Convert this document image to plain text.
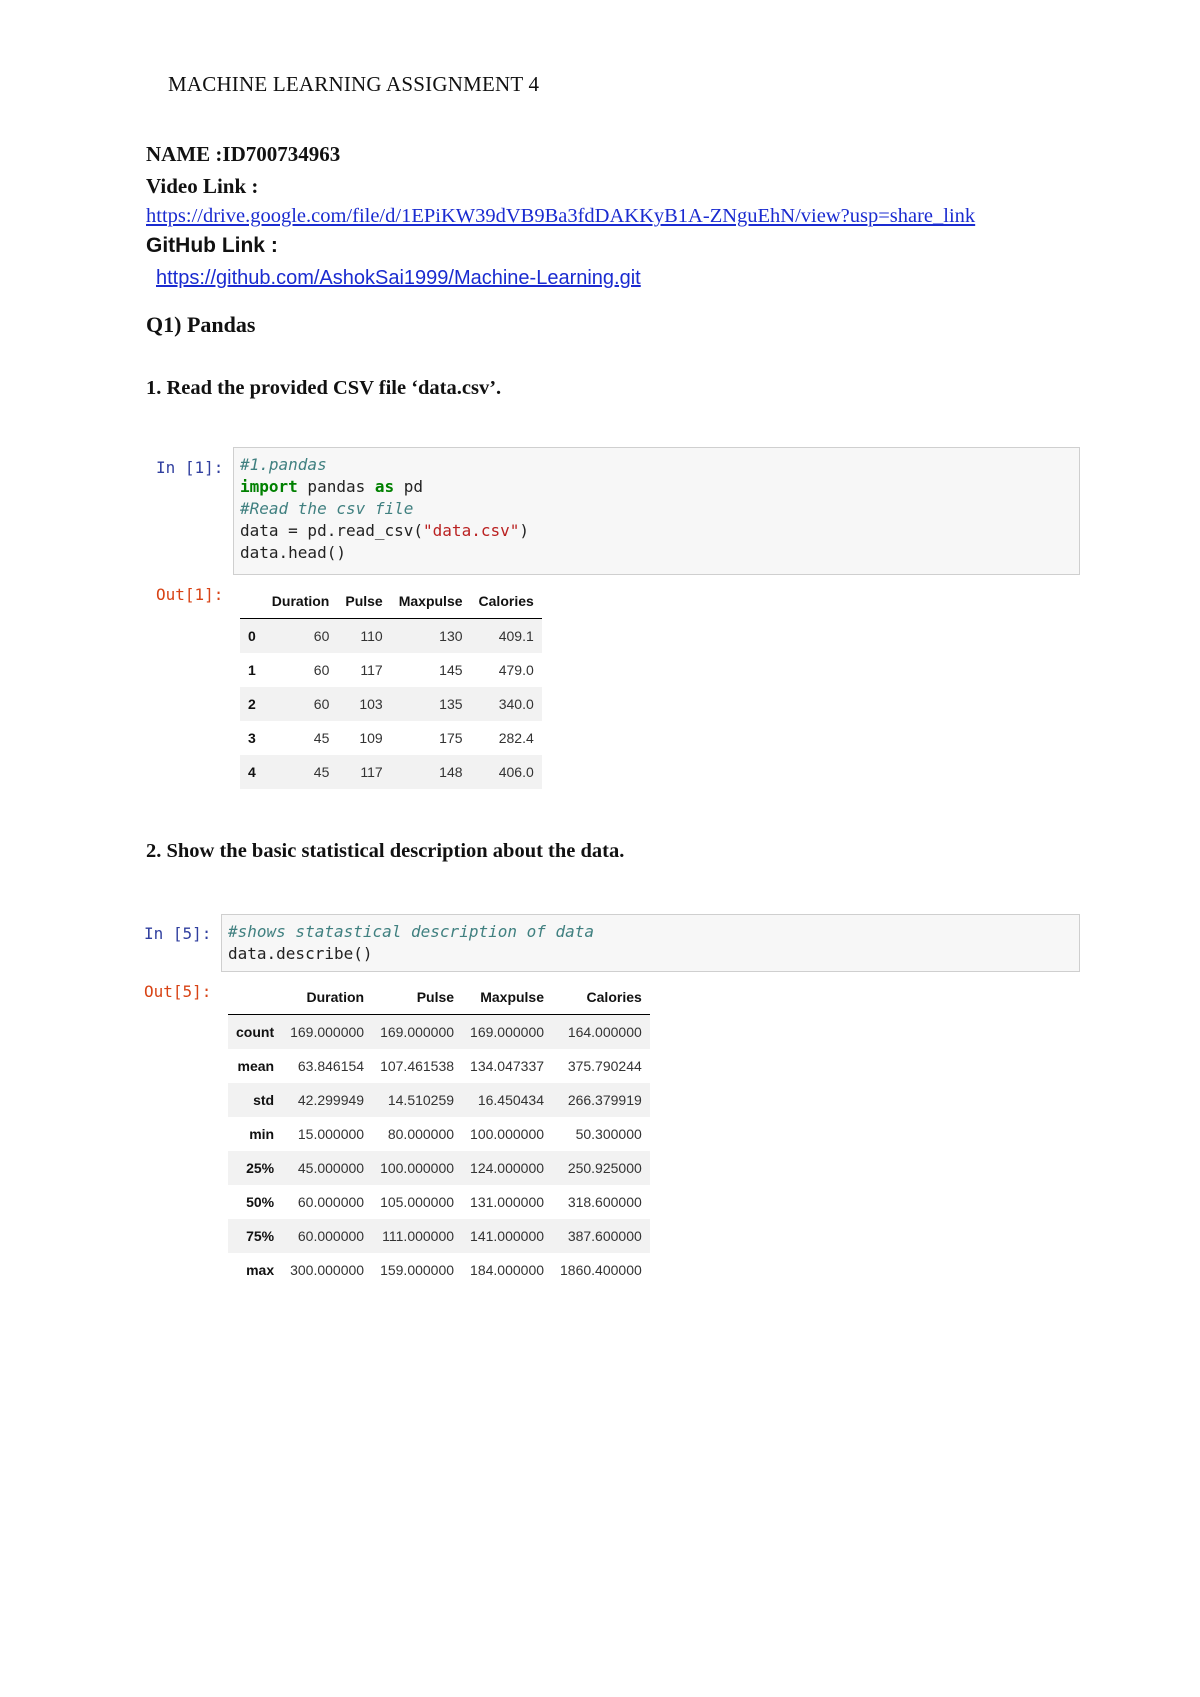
MACHINE LEARNING ASSIGNMENT 4
NAME :ID700734963
Video Link :
https://drive.google.com/file/d/1EPiKW39dVB9Ba3fdDAKKyB1A-ZNguEhN/view?usp=share_link
GitHub Link :
https://github.com/AshokSai1999/Machine-Learning.git
Q1) Pandas
1. Read the provided CSV file ‘data.csv’.
In [1]: #1.pandas
import pandas as pd
#Read the csv file
data = pd.read_csv("data.csv")
data.head()
Out[1]:
		Duration	Pulse	Maxpulse	Calories
0	60	110	130	409.1
1	60	117	145	479.0
2	60	103	135	340.0
3	45	109	175	282.4
4	45	117	148	406.0
2. Show the basic statistical description about the data.
In [5]: #shows statastical description of data
data.describe()
Out[5]:
		Duration	Pulse	Maxpulse	Calories
count	169.000000	169.000000	169.000000	164.000000
mean	63.846154	107.461538	134.047337	375.790244
std	42.299949	14.510259	16.450434	266.379919
min	15.000000	80.000000	100.000000	50.300000
25%	45.000000	100.000000	124.000000	250.925000
50%	60.000000	105.000000	131.000000	318.600000
75%	60.000000	111.000000	141.000000	387.600000
max	300.000000	159.000000	184.000000	1860.400000
